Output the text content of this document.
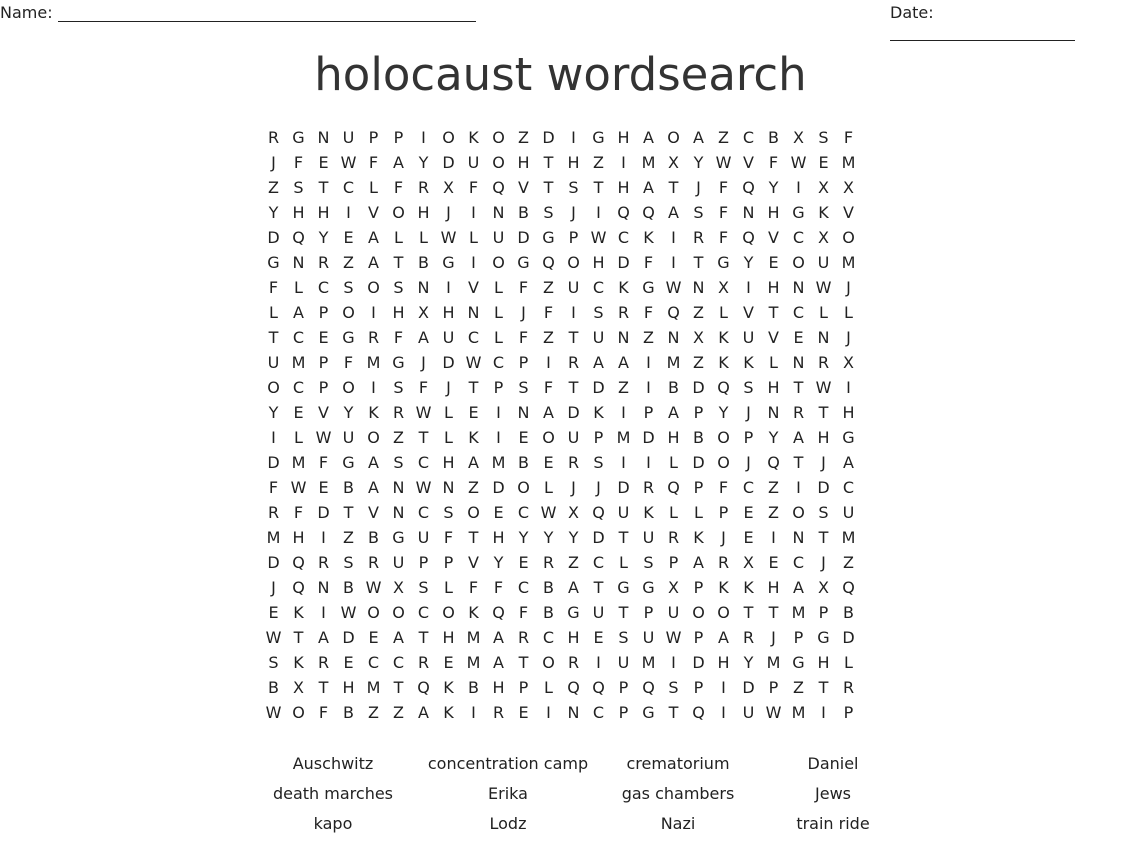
Name:	Date:
holocaust wordsearch
R G N U P P	I	O K O Z D	I	G H A O A Z C B X S F
J	F E W F A Y D U O H T H Z	I M X Y W V F W E M
Z S T C L F R X F Q V T S T H A T	J	F Q Y	I	X X
Y H H	I	V O H	J	I	N B S	J	I	Q Q A S F N H G K V
D Q Y E A L	L W L U D G P W C K	I	R F Q V C X O
G N R Z A T B G	I	O G Q O H D F	I	T G Y E O U M
F L C S O S N	I	V L F Z U C K G W N X	I	H N W J
L A P O	I	H X H N L	J	F	I	S R F Q Z L V T C L	L
T C E G R F A U C L F Z T U N Z N X K U V E N	J
U M P F M G	J	D W C P	I	R A A	I M Z K K L N R X
O C P O	I	S F	J	T P S F T D Z	I	B D Q S H T W I
Y E V Y K R W L E	I	N A D K	I	P A P Y	J	N R T H
I	L W U O Z T L K	I	E O U P M D H B O P Y A H G
D M F G A S C H A M B E R S	I	I	L D O	J	Q T	J	A
F W E B A N W N Z D O L	J	J	D R Q P F C Z	I	D C
R F D T V N C S O E C W X Q U K L	L P E Z O S U
M H	I	Z B G U F T H Y Y Y D T U R K	J	E	I	N T M
D Q R S R U P P V Y E R Z C L S P A R X E C	J	Z
J	Q N B W X S L F F C B A T G G X P K K H A X Q
E K	I W O O C O K Q F B G U T P U O O T T M P B
W T A D E A T H M A R C H E S U W P A R	J	P G D
S K R E C C R E M A T O R	I	U M I	D H Y M G H L
B X T H M T Q K B H P L Q Q P Q S P	I	D P Z T R
W O F B Z Z A K	I	R E	I	N C P G T Q	I	U W M I	P
Auschwitz	concentration camp	crematorium	Daniel
death marches	Erika	gas chambers	Jews
kapo	Lodz	Nazi	train ride
